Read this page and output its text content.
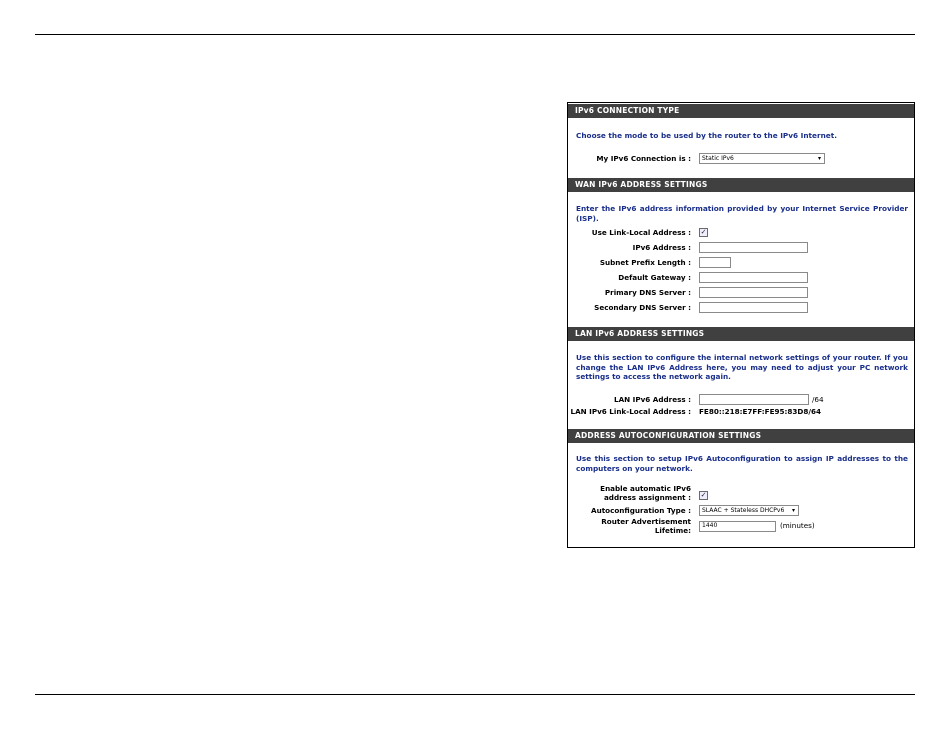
IPv6 CONNECTION TYPE
Choose the mode to be used by the router to the IPv6 Internet.
My IPv6 Connection is :	Static IPv6	▾
WAN IPv6 ADDRESS SETTINGS
Enter the IPv6 address information provided by your Internet Service Provider (ISP).
Use Link-Local Address : ✓
IPv6 Address :
Subnet Prefix Length :
Default Gateway :
Primary DNS Server :
Secondary DNS Server :
LAN IPv6 ADDRESS SETTINGS
Use this section to configure the internal network settings of your router. If you change the LAN IPv6 Address here, you may need to adjust your PC network settings to access the network again.
LAN IPv6 Address :	/64
LAN IPv6 Link-Local Address : FE80::218:E7FF:FE95:83D8/64
ADDRESS AUTOCONFIGURATION SETTINGS
Use this section to setup IPv6 Autoconfiguration to assign IP addresses to the computers on your network.
Enable automatic IPv6
address assignment : ✓
Autoconfiguration Type :	SLAAC + Stateless DHCPv6 ▾
Router Advertisement
Lifetime:
1440	(minutes)
